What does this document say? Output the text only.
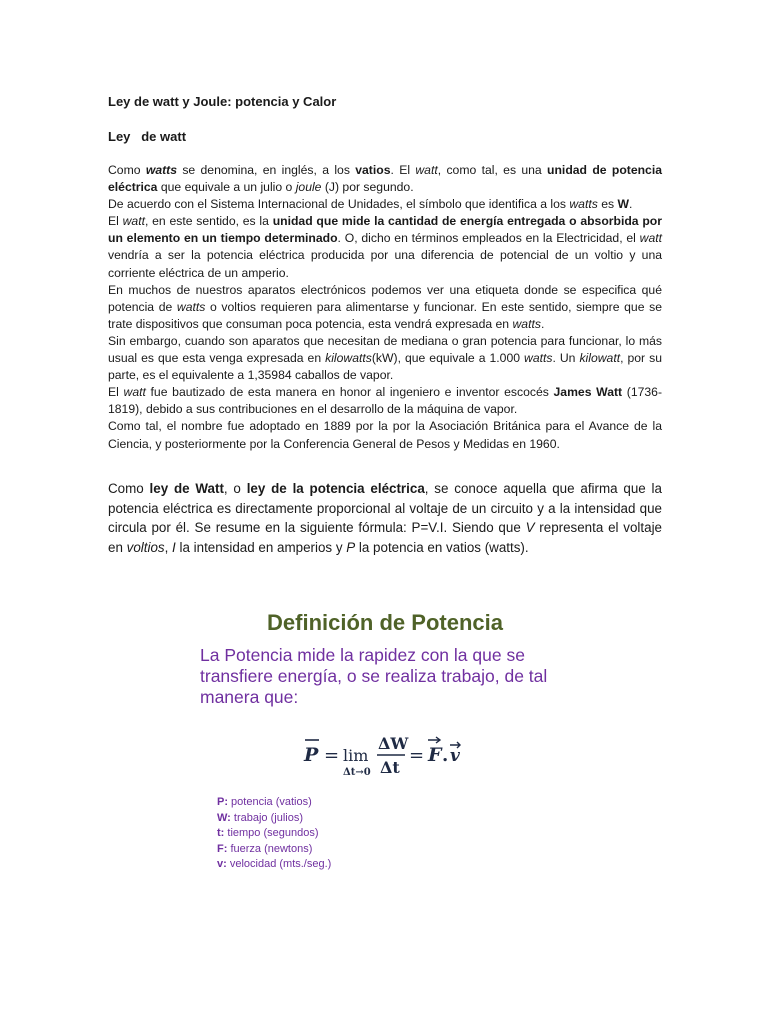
Ley de watt y Joule: potencia y Calor
Ley   de watt

Como watts se denomina, en inglés, a los vatios. El watt, como tal, es una unidad de potencia eléctrica que equivale a un julio o joule (J) por segundo.

De acuerdo con el Sistema Internacional de Unidades, el símbolo que identifica a los watts es W.

El watt, en este sentido, es la unidad que mide la cantidad de energía entregada o absorbida por un elemento en un tiempo determinado. O, dicho en términos empleados en la Electricidad, el watt vendría a ser la potencia eléctrica producida por una diferencia de potencial de un voltio y una corriente eléctrica de un amperio.

En muchos de nuestros aparatos electrónicos podemos ver una etiqueta donde se especifica qué potencia de watts o voltios requieren para alimentarse y funcionar. En este sentido, siempre que se trate dispositivos que consuman poca potencia, esta vendrá expresada en watts.

Sin embargo, cuando son aparatos que necesitan de mediana o gran potencia para funcionar, lo más usual es que esta venga expresada en kilowatts(kW), que equivale a 1.000 watts. Un kilowatt, por su parte, es el equivalente a 1,35984 caballos de vapor.

El watt fue bautizado de esta manera en honor al ingeniero e inventor escocés James Watt (1736-1819), debido a sus contribuciones en el desarrollo de la máquina de vapor.

Como tal, el nombre fue adoptado en 1889 por la por la Asociación Británica para el Avance de la Ciencia, y posteriormente por la Conferencia General de Pesos y Medidas en 1960.

Como ley de Watt, o ley de la potencia eléctrica, se conoce aquella que afirma que la potencia eléctrica es directamente proporcional al voltaje de un circuito y a la intensidad que circula por él. Se resume en la siguiente fórmula: P=V.I. Siendo que V representa el voltaje en voltios, I la intensidad en amperios y P la potencia en vatios (watts).

Definición de Potencia
La Potencia mide la rapidez con la que se transfiere energía, o se realiza trabajo, de tal manera que:
P = lim
Δt→0
ΔW
Δt
= F . v
P: potencia (vatios)
W: trabajo (julios)
t: tiempo (segundos)
F: fuerza (newtons)
v: velocidad (mts./seg.)
